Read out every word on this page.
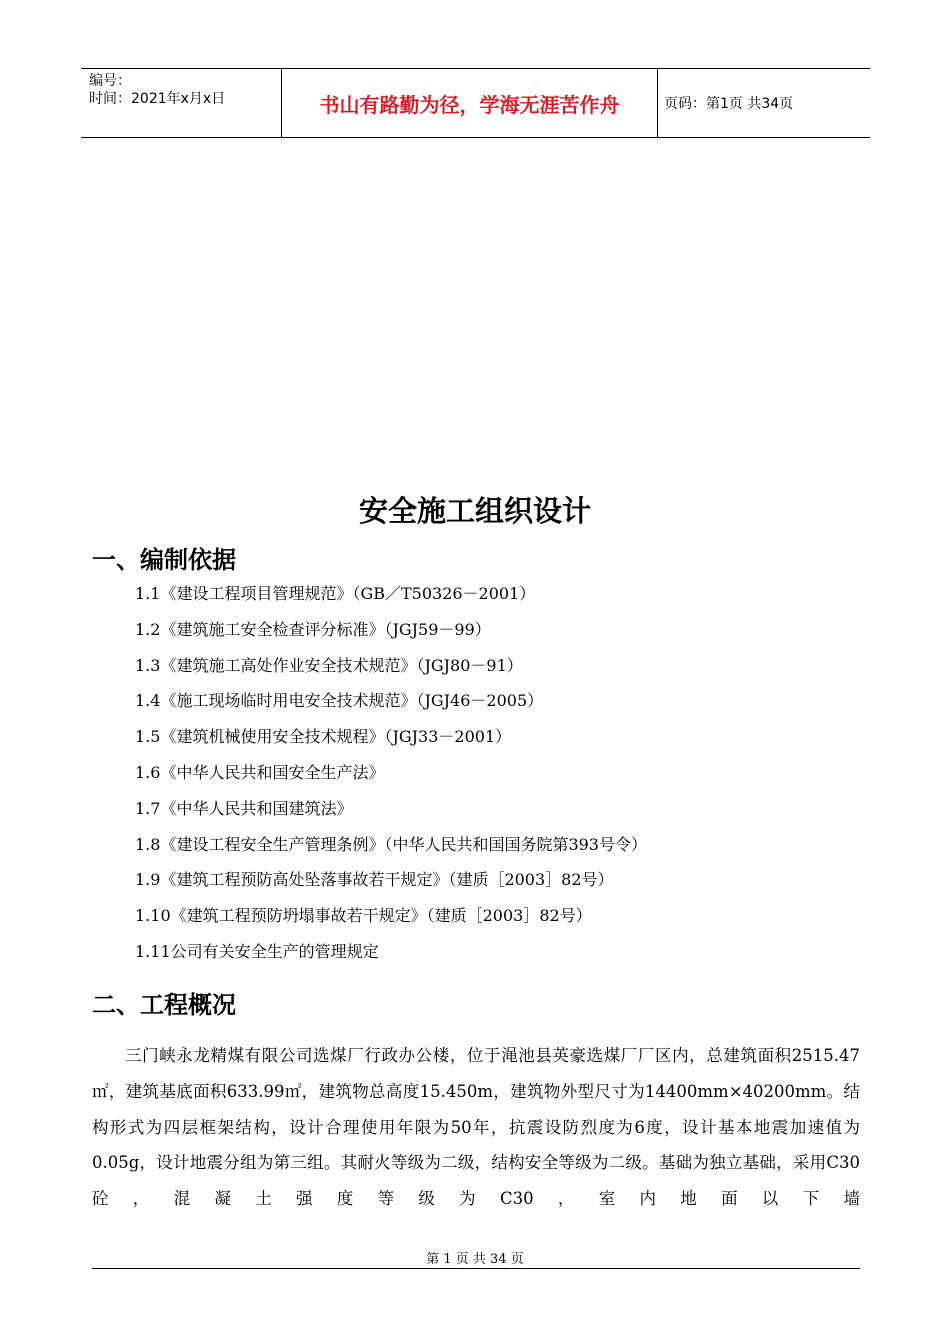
编号：
时间：2021年x月x日	书山有路勤为径，学海无涯苦作舟	页码：第1页 共34页
安全施工组织设计
一、编制依据
1.1《建设工程项目管理规范》（GB／T50326－2001）
1.2《建筑施工安全检查评分标准》（JGJ59－99）
1.3《建筑施工高处作业安全技术规范》（JGJ80－91）
1.4《施工现场临时用电安全技术规范》（JGJ46－2005）
1.5《建筑机械使用安全技术规程》（JGJ33－2001）
1.6《中华人民共和国安全生产法》
1.7《中华人民共和国建筑法》
1.8《建设工程安全生产管理条例》（中华人民共和国国务院第393号令）
1.9《建筑工程预防高处坠落事故若干规定》（建质［2003］82号）
1.10《建筑工程预防坍塌事故若干规定》（建质［2003］82号）
1.11公司有关安全生产的管理规定
二、工程概况

三门峡永龙精煤有限公司选煤厂行政办公楼，位于渑池县英豪选煤厂厂区内，总建筑面积2515.47㎡，建筑基底面积633.99㎡，建筑物总高度15.450m，建筑物外型尺寸为14400mm×40200mm。结构形式为四层框架结构，设计合理使用年限为50年，抗震设防烈度为6度，设计基本地震加速值为0.05g，设计地震分组为第三组。其耐火等级为二级，结构安全等级为二级。基础为独立基础，采用C30砼，混凝土强度等级为C30，室内地面以下墙

第 1 页 共 34 页
